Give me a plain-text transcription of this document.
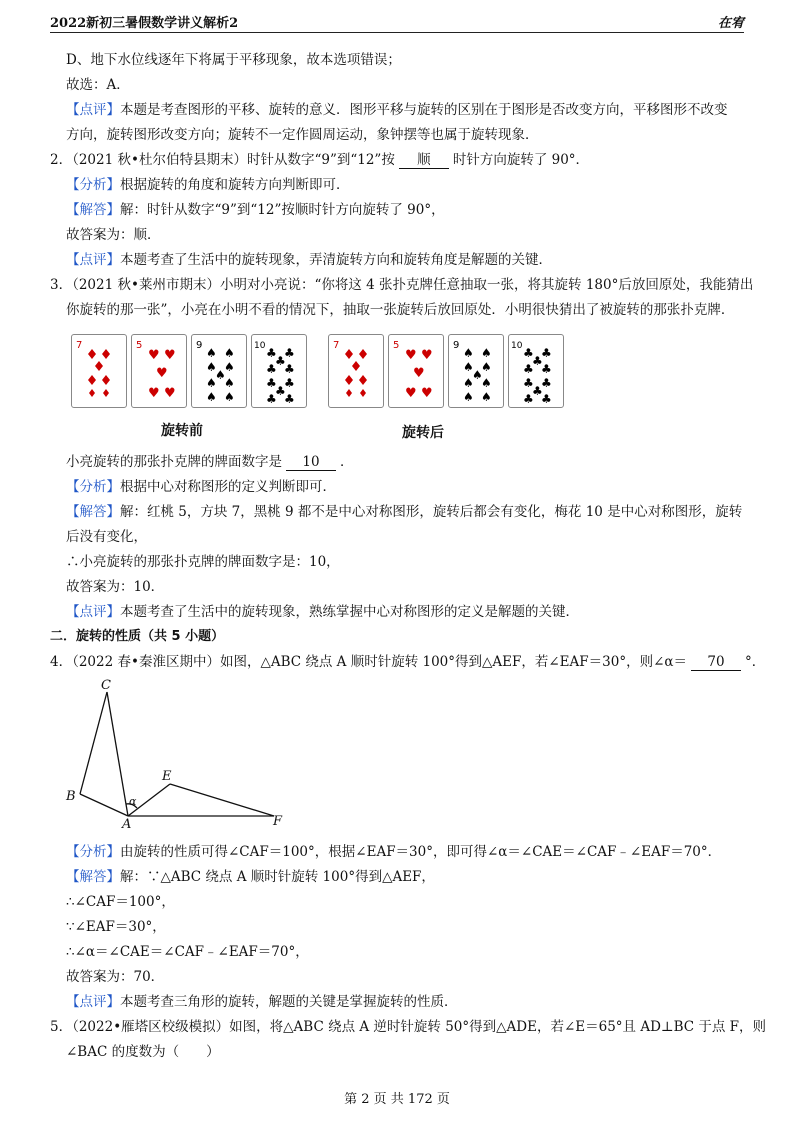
2022新初三暑假数学讲义解析2	在宥
D、地下水位线逐年下将属于平移现象，故本选项错误；
故选：A．
【点评】本题是考查图形的平移、旋转的意义．图形平移与旋转的区别在于图形是否改变方向，平移图形不改变
方向，旋转图形改变方向；旋转不一定作圆周运动，象钟摆等也属于旋转现象．
2．（2021 秋•杜尔伯特县期末）时针从数字“9”到“12”按 顺 时针方向旋转了 90°．
【分析】根据旋转的角度和旋转方向判断即可．
【解答】解：时针从数字“9”到“12”按顺时针方向旋转了 90°，
故答案为：顺．
【点评】本题考查了生活中的旋转现象，弄清旋转方向和旋转角度是解题的关键．
3．（2021 秋•莱州市期末）小明对小亮说：“你将这 4 张扑克牌任意抽取一张，将其旋转 180°后放回原处，我能猜出
你旋转的那一张”，小亮在小明不看的情况下，抽取一张旋转后放回原处．小明很快猜出了被旋转的那张扑克牌．
7	5
♥ ♥
♥
♥ ♥
9
♠ ♠
♠ ♠
♠
♠ ♠
♠ ♠
10 ♣ ♣
♣
♣ ♣
♣ ♣
♣
♣ ♣
旋转前
7	5
♥ ♥
♥
♥ ♥
9
♠ ♠
♠ ♠
♠
♠ ♠
♠ ♠
10 ♣ ♣
♣
♣ ♣
♣ ♣
♣
♣ ♣
旋转后
小亮旋转的那张扑克牌的牌面数字是 10 ．
【分析】根据中心对称图形的定义判断即可．
【解答】解：红桃 5，方块 7，黑桃 9 都不是中心对称图形，旋转后都会有变化，梅花 10 是中心对称图形，旋转
后没有变化，
∴小亮旋转的那张扑克牌的牌面数字是：10，
故答案为：10．
【点评】本题考查了生活中的旋转现象，熟练掌握中心对称图形的定义是解题的关键．
二．旋转的性质（共 5 小题）
4．（2022 春•秦淮区期中）如图，△ABC 绕点 A 顺时针旋转 100°得到△AEF，若∠EAF＝30°，则∠α＝ 70 °．
C
E
B	α
A	F
【分析】由旋转的性质可得∠CAF＝100°，根据∠EAF＝30°，即可得∠α＝∠CAE＝∠CAF﹣∠EAF＝70°．
【解答】解：∵△ABC 绕点 A 顺时针旋转 100°得到△AEF，
∴∠CAF＝100°，
∵∠EAF＝30°，
∴∠α＝∠CAE＝∠CAF﹣∠EAF＝70°，
故答案为：70．
【点评】本题考查三角形的旋转，解题的关键是掌握旋转的性质．
5．（2022•雁塔区校级模拟）如图，将△ABC 绕点 A 逆时针旋转 50°得到△ADE，若∠E＝65°且 AD⊥BC 于点 F，则
∠BAC 的度数为（　　）
第 2 页 共 172 页
